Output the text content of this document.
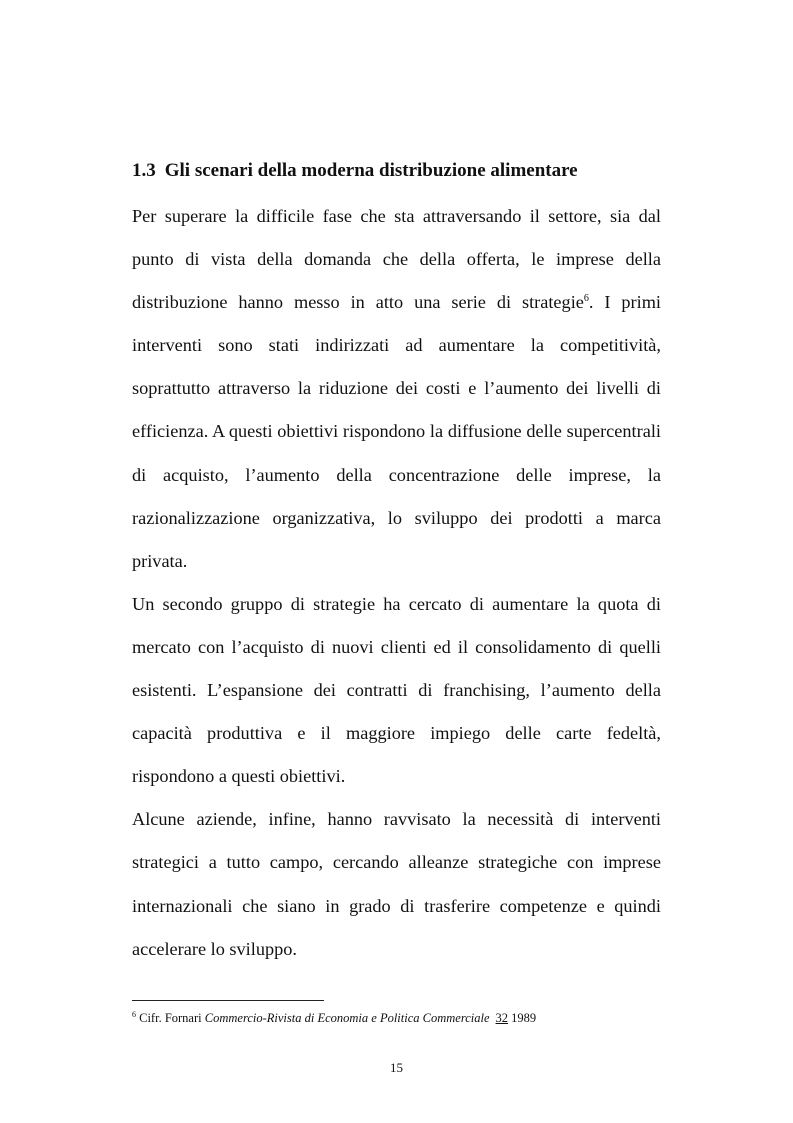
1.3 Gli scenari della moderna distribuzione alimentare

Per superare la difficile fase che sta attraversando il settore, sia dal punto di vista della domanda che della offerta, le imprese della distribuzione hanno messo in atto una serie di strategie$^6$. I primi interventi sono stati indirizzati ad aumentare la competitività, soprattutto attraverso la riduzione dei costi e l’aumento dei livelli di efficienza. A questi obiettivi rispondono la diffusione delle supercentrali di acquisto, l’aumento della concentrazione delle imprese, la razionalizzazione organizzativa, lo sviluppo dei prodotti a marca privata.

Un secondo gruppo di strategie ha cercato di aumentare la quota di mercato con l’acquisto di nuovi clienti ed il consolidamento di quelli esistenti. L’espansione dei contratti di franchising, l’aumento della capacità produttiva e il maggiore impiego delle carte fedeltà, rispondono a questi obiettivi.

Alcune aziende, infine, hanno ravvisato la necessità di interventi strategici a tutto campo, cercando alleanze strategiche con imprese internazionali che siano in grado di trasferire competenze e quindi accelerare lo sviluppo.

$^6$ Cifr. Fornari Commercio-Rivista di Economia e Politica Commerciale 32 1989
15
